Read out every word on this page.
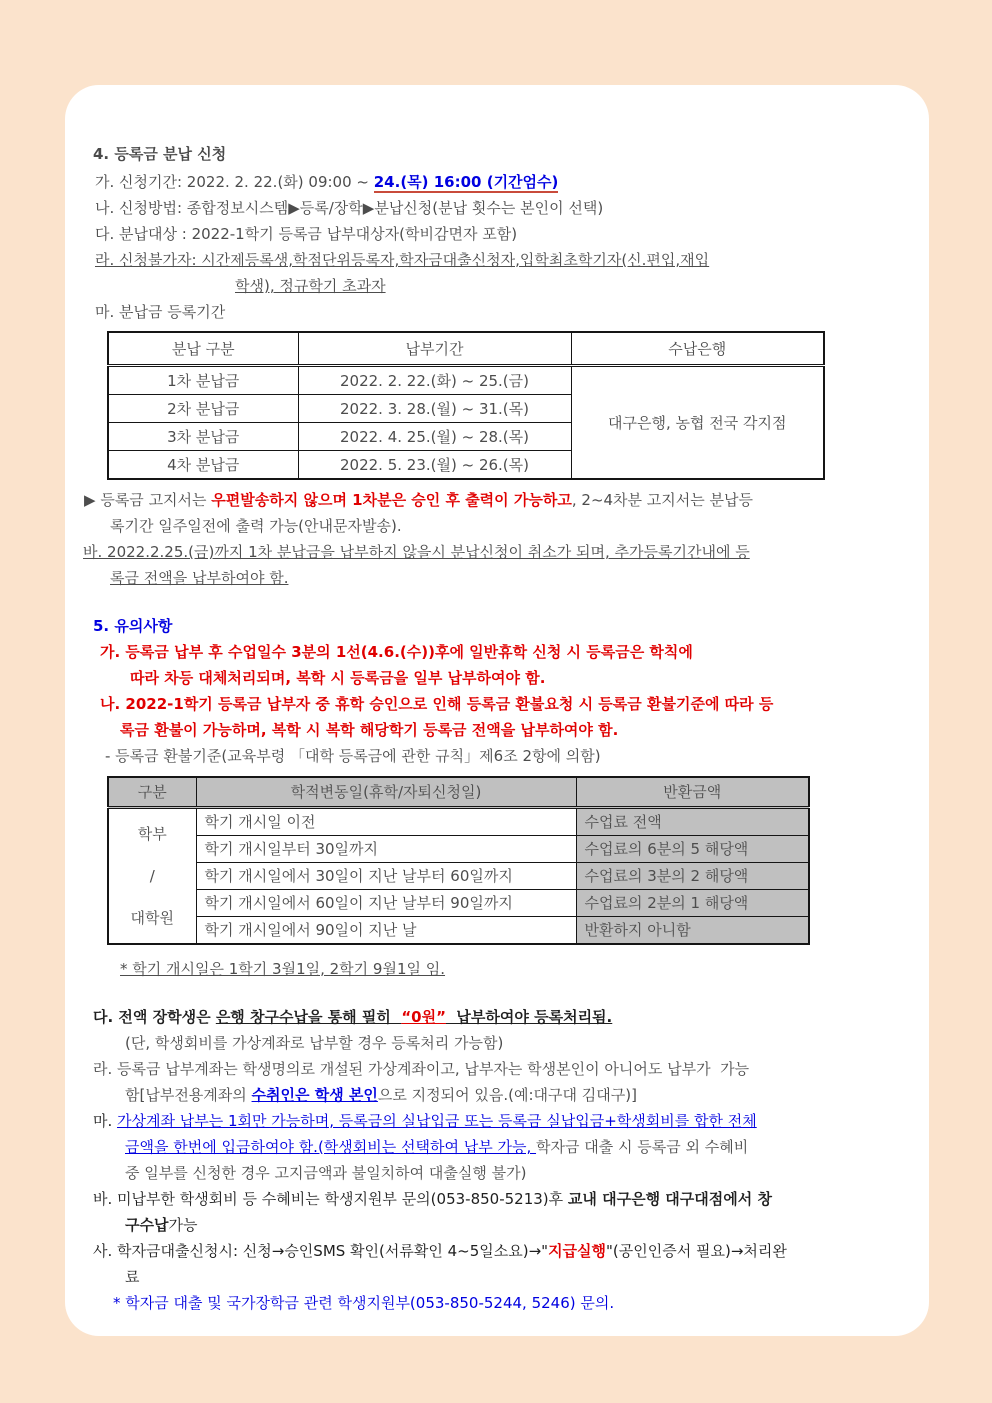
4. 등록금 분납 신청
가. 신청기간: 2022. 2. 22.(화) 09:00 ~ 24.(목) 16:00 (기간엄수)
나. 신청방법: 종합정보시스템▶등록/장학▶분납신청(분납 횟수는 본인이 선택)
다. 분납대상 : 2022-1학기 등록금 납부대상자(학비감면자 포함)
라. 신청불가자: 시간제등록생,학점단위등록자,학자금대출신청자,입학최초학기자(신.편입,재입
학생), 정규학기 초과자
마. 분납금 등록기간
분납 구분	납부기간	수납은행
1차 분납금	2022. 2. 22.(화) ~ 25.(금)	대구은행, 농협 전국 각지점
2차 분납금	2022. 3. 28.(월) ~ 31.(목)	
3차 분납금	2022. 4. 25.(월) ~ 28.(목)	
4차 분납금	2022. 5. 23.(월) ~ 26.(목)	
▶ 등록금 고지서는 우편발송하지 않으며 1차분은 승인 후 출력이 가능하고, 2~4차분 고지서는 분납등
록기간 일주일전에 출력 가능(안내문자발송).
바. 2022.2.25.(금)까지 1차 분납금을 납부하지 않을시 분납신청이 취소가 되며, 추가등록기간내에 등
록금 전액을 납부하여야 함.
5. 유의사항
가. 등록금 납부 후 수업일수 3분의 1선(4.6.(수))후에 일반휴학 신청 시 등록금은 학칙에
따라 차등 대체처리되며, 복학 시 등록금을 일부 납부하여야 함.
나. 2022-1학기 등록금 납부자 중 휴학 승인으로 인해 등록금 환불요청 시 등록금 환불기준에 따라 등
록금 환불이 가능하며, 복학 시 복학 해당학기 등록금 전액을 납부하여야 함.
- 등록금 환불기준(교육부령 「대학 등록금에 관한 규칙」제6조 2항에 의함)
구분	학적변동일(휴학/자퇴신청일)	반환금액

학부
/
대학원	학기 개시일 이전	수업료 전액
	학기 개시일부터 30일까지	수업료의 6분의 5 해당액
	학기 개시일에서 30일이 지난 날부터 60일까지	수업료의 3분의 2 해당액
	학기 개시일에서 60일이 지난 날부터 90일까지	수업료의 2분의 1 해당액
	학기 개시일에서 90일이 지난 날	반환하지 아니함
* 학기 개시일은 1학기 3월1일, 2학기 9월1일 임.
다. 전액 장학생은 은행 창구수납을 통해 필히  “0원”  납부하여야 등록처리됨.
(단, 학생회비를 가상계좌로 납부할 경우 등록처리 가능함)
라. 등록금 납부계좌는 학생명의로 개설된 가상계좌이고, 납부자는 학생본인이 아니어도 납부가  가능
함[납부전용계좌의 수취인은 학생 본인으로 지정되어 있음.(예:대구대 김대구)]
마. 가상계좌 납부는 1회만 가능하며, 등록금의 실납입금 또는 등록금 실납입금+학생회비를 합한 전체
금액을 한번에 입금하여야 함.(학생회비는 선택하여 납부 가능, 학자금 대출 시 등록금 외 수혜비
중 일부를 신청한 경우 고지금액과 불일치하여 대출실행 불가)
바. 미납부한 학생회비 등 수혜비는 학생지원부 문의(053-850-5213)후 교내 대구은행 대구대점에서 창
구수납가능
사. 학자금대출신청시: 신청→승인SMS 확인(서류확인 4~5일소요)→"지급실행"(공인인증서 필요)→처리완
료
* 학자금 대출 및 국가장학금 관련 학생지원부(053-850-5244, 5246) 문의.
